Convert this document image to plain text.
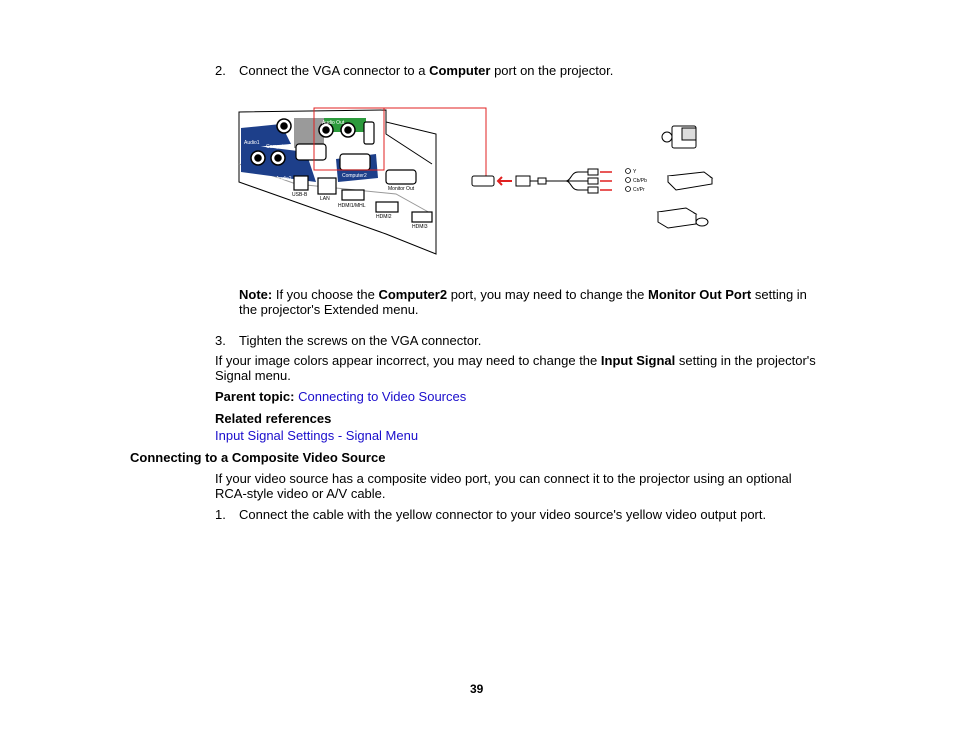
2. Connect the VGA connector to a Computer port on the projector.
Computer1
Audio1
Audio2	Computer2
Audio Out
Monitor Out
USB-B
LAN
HDMI1/MHL
HDMI2
HDMI3
Y
Cb/Pb
Cr/Pr
Note: If you choose the Computer2 port, you may need to change the Monitor Out Port setting in
the projector's Extended menu.
3. Tighten the screws on the VGA connector.
If your image colors appear incorrect, you may need to change the Input Signal setting in the projector's
Signal menu.
Parent topic: Connecting to Video Sources
Related references
Input Signal Settings - Signal Menu
Connecting to a Composite Video Source
If your video source has a composite video port, you can connect it to the projector using an optional
RCA-style video or A/V cable.
1. Connect the cable with the yellow connector to your video source's yellow video output port.
39
